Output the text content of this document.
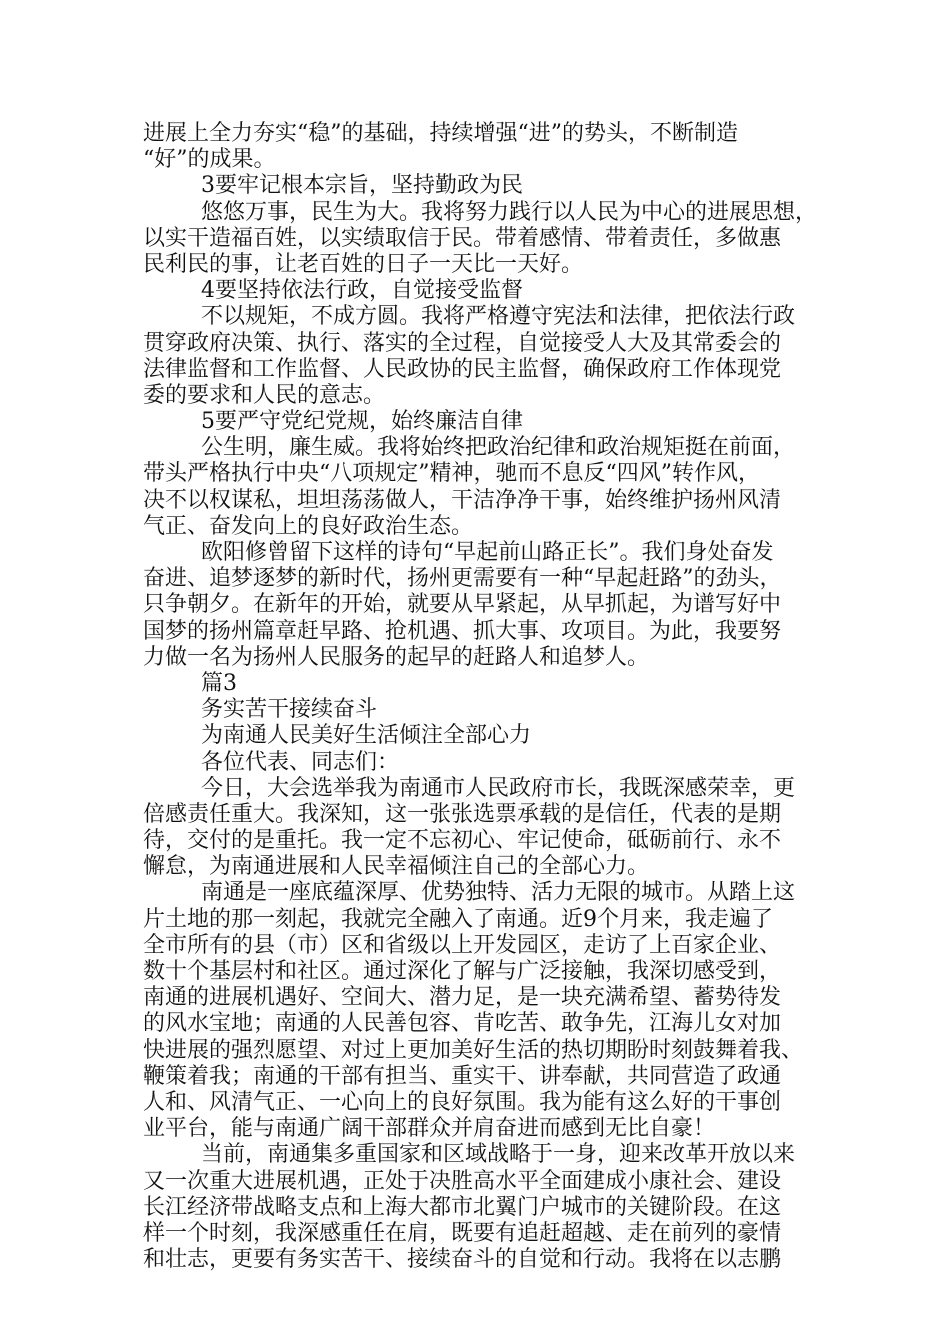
进展上全力夯实“稳”的基础，持续增强“进”的势头，不断制造
“好”的成果。
3要牢记根本宗旨，坚持勤政为民
悠悠万事，民生为大。我将努力践行以人民为中心的进展思想，
以实干造福百姓，以实绩取信于民。带着感情、带着责任，多做惠
民利民的事，让老百姓的日子一天比一天好。
4要坚持依法行政，自觉接受监督
不以规矩，不成方圆。我将严格遵守宪法和法律，把依法行政
贯穿政府决策、执行、落实的全过程，自觉接受人大及其常委会的
法律监督和工作监督、人民政协的民主监督，确保政府工作体现党
委的要求和人民的意志。
5要严守党纪党规，始终廉洁自律
公生明，廉生威。我将始终把政治纪律和政治规矩挺在前面，
带头严格执行中央“八项规定”精神，驰而不息反“四风”转作风，
决不以权谋私，坦坦荡荡做人，干洁净净干事，始终维护扬州风清
气正、奋发向上的良好政治生态。
欧阳修曾留下这样的诗句“早起前山路正长”。我们身处奋发
奋进、追梦逐梦的新时代，扬州更需要有一种“早起赶路”的劲头，
只争朝夕。在新年的开始，就要从早紧起，从早抓起，为谱写好中
国梦的扬州篇章赶早路、抢机遇、抓大事、攻项目。为此，我要努
力做一名为扬州人民服务的起早的赶路人和追梦人。
篇3
务实苦干接续奋斗
为南通人民美好生活倾注全部心力
各位代表、同志们：
今日，大会选举我为南通市人民政府市长，我既深感荣幸，更
倍感责任重大。我深知，这一张张选票承载的是信任，代表的是期
待，交付的是重托。我一定不忘初心、牢记使命，砥砺前行、永不
懈怠，为南通进展和人民幸福倾注自己的全部心力。
南通是一座底蕴深厚、优势独特、活力无限的城市。从踏上这
片土地的那一刻起，我就完全融入了南通。近9个月来，我走遍了
全市所有的县（市）区和省级以上开发园区，走访了上百家企业、
数十个基层村和社区。通过深化了解与广泛接触，我深切感受到，
南通的进展机遇好、空间大、潜力足，是一块充满希望、蓄势待发
的风水宝地；南通的人民善包容、肯吃苦、敢争先，江海儿女对加
快进展的强烈愿望、对过上更加美好生活的热切期盼时刻鼓舞着我、
鞭策着我；南通的干部有担当、重实干、讲奉献，共同营造了政通
人和、风清气正、一心向上的良好氛围。我为能有这么好的干事创
业平台，能与南通广阔干部群众并肩奋进而感到无比自豪！
当前，南通集多重国家和区域战略于一身，迎来改革开放以来
又一次重大进展机遇，正处于决胜高水平全面建成小康社会、建设
长江经济带战略支点和上海大都市北翼门户城市的关键阶段。在这
样一个时刻，我深感重任在肩，既要有追赶超越、走在前列的豪情
和壮志，更要有务实苦干、接续奋斗的自觉和行动。我将在以志鹏
